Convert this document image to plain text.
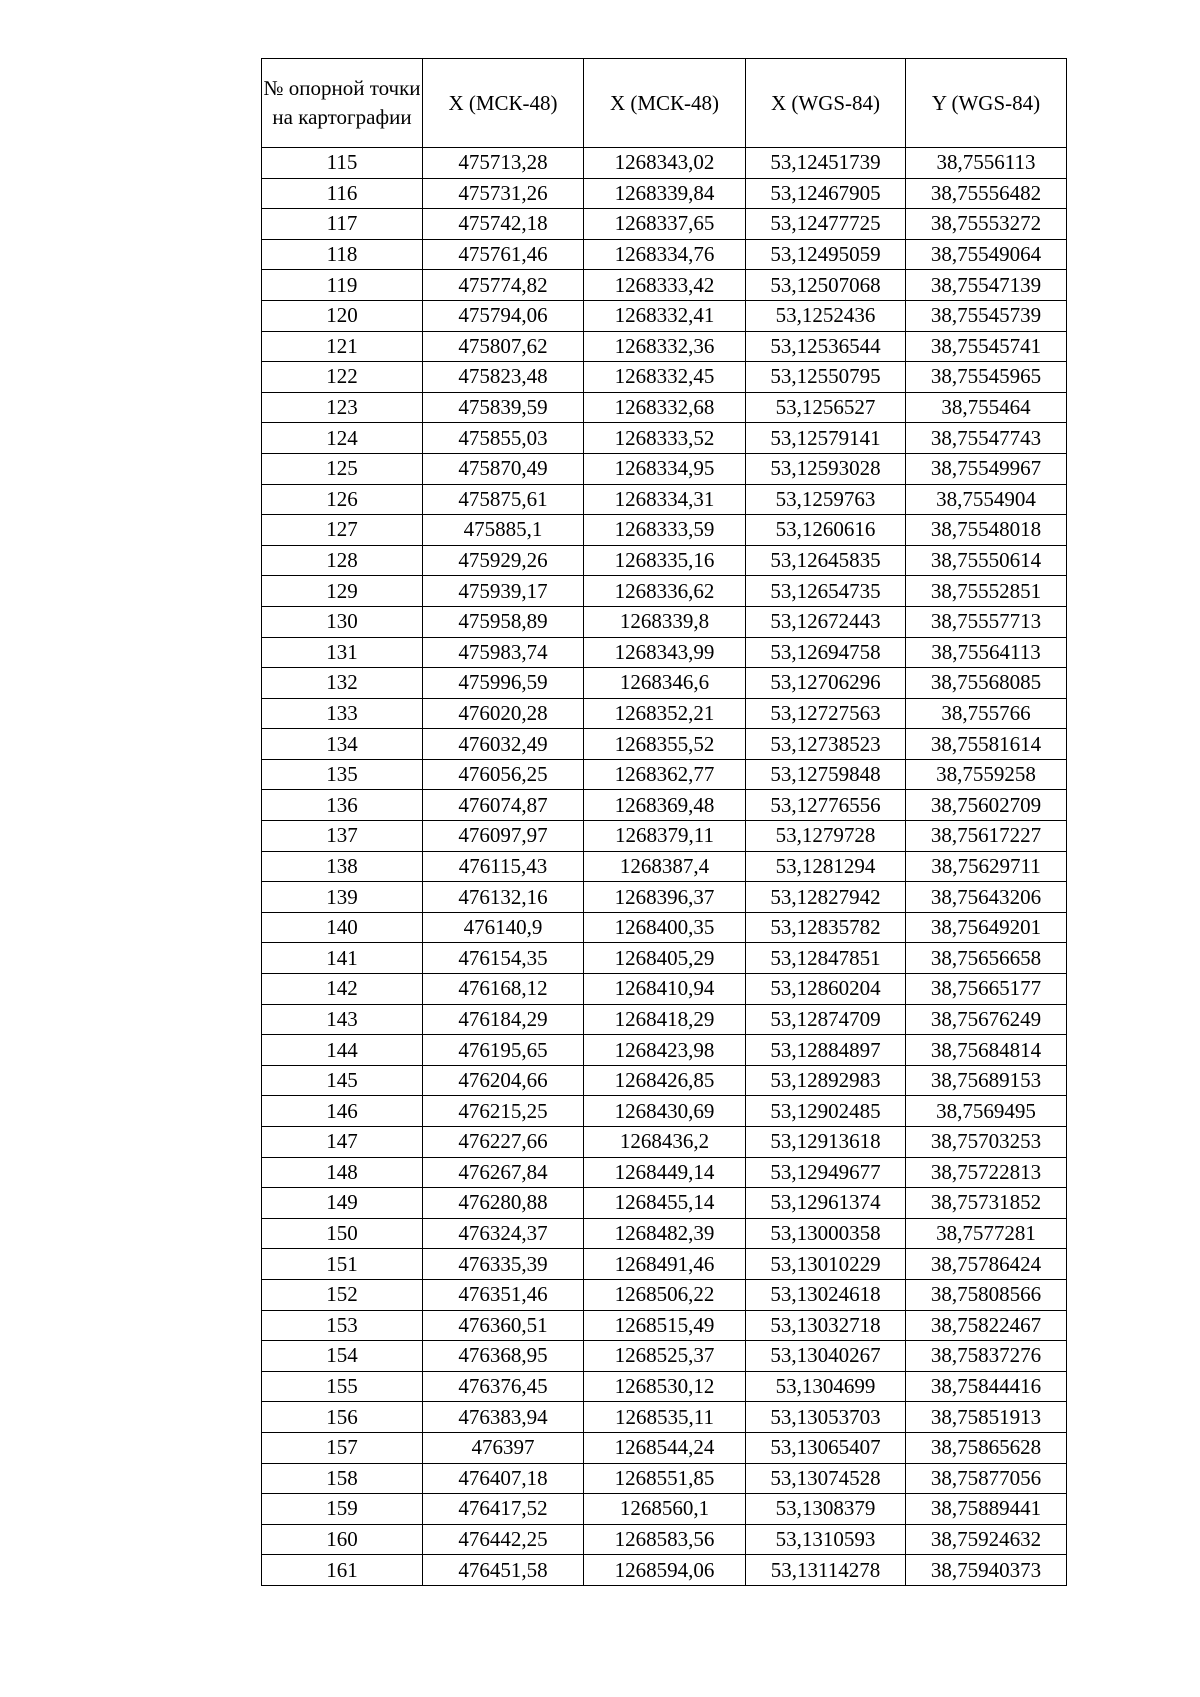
№ опорной точки на картографии	X (МСК-48)	X (МСК-48)	X (WGS-84)	Y (WGS-84)
115	475713,28	1268343,02	53,12451739	38,7556113
116	475731,26	1268339,84	53,12467905	38,75556482
117	475742,18	1268337,65	53,12477725	38,75553272
118	475761,46	1268334,76	53,12495059	38,75549064
119	475774,82	1268333,42	53,12507068	38,75547139
120	475794,06	1268332,41	53,1252436	38,75545739
121	475807,62	1268332,36	53,12536544	38,75545741
122	475823,48	1268332,45	53,12550795	38,75545965
123	475839,59	1268332,68	53,1256527	38,755464
124	475855,03	1268333,52	53,12579141	38,75547743
125	475870,49	1268334,95	53,12593028	38,75549967
126	475875,61	1268334,31	53,1259763	38,7554904
127	475885,1	1268333,59	53,1260616	38,75548018
128	475929,26	1268335,16	53,12645835	38,75550614
129	475939,17	1268336,62	53,12654735	38,75552851
130	475958,89	1268339,8	53,12672443	38,75557713
131	475983,74	1268343,99	53,12694758	38,75564113
132	475996,59	1268346,6	53,12706296	38,75568085
133	476020,28	1268352,21	53,12727563	38,755766
134	476032,49	1268355,52	53,12738523	38,75581614
135	476056,25	1268362,77	53,12759848	38,7559258
136	476074,87	1268369,48	53,12776556	38,75602709
137	476097,97	1268379,11	53,1279728	38,75617227
138	476115,43	1268387,4	53,1281294	38,75629711
139	476132,16	1268396,37	53,12827942	38,75643206
140	476140,9	1268400,35	53,12835782	38,75649201
141	476154,35	1268405,29	53,12847851	38,75656658
142	476168,12	1268410,94	53,12860204	38,75665177
143	476184,29	1268418,29	53,12874709	38,75676249
144	476195,65	1268423,98	53,12884897	38,75684814
145	476204,66	1268426,85	53,12892983	38,75689153
146	476215,25	1268430,69	53,12902485	38,7569495
147	476227,66	1268436,2	53,12913618	38,75703253
148	476267,84	1268449,14	53,12949677	38,75722813
149	476280,88	1268455,14	53,12961374	38,75731852
150	476324,37	1268482,39	53,13000358	38,7577281
151	476335,39	1268491,46	53,13010229	38,75786424
152	476351,46	1268506,22	53,13024618	38,75808566
153	476360,51	1268515,49	53,13032718	38,75822467
154	476368,95	1268525,37	53,13040267	38,75837276
155	476376,45	1268530,12	53,1304699	38,75844416
156	476383,94	1268535,11	53,13053703	38,75851913
157	476397	1268544,24	53,13065407	38,75865628
158	476407,18	1268551,85	53,13074528	38,75877056
159	476417,52	1268560,1	53,1308379	38,75889441
160	476442,25	1268583,56	53,1310593	38,75924632
161	476451,58	1268594,06	53,13114278	38,75940373
